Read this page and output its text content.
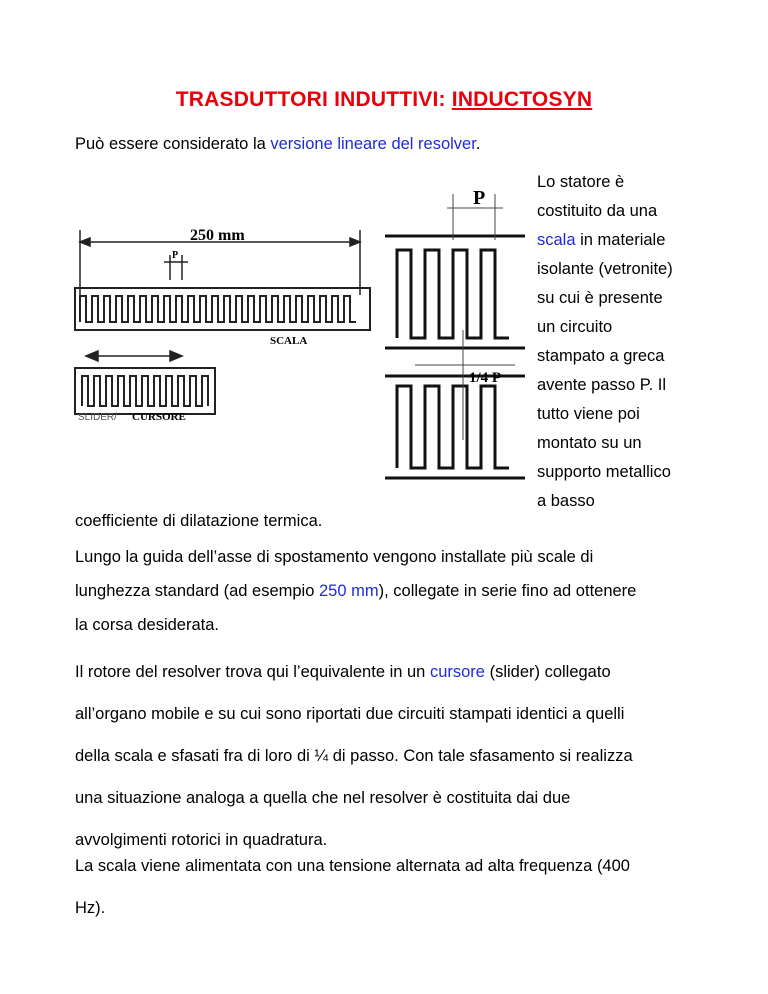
TRASDUTTORI INDUTTIVI: INDUCTOSYN
Può essere considerato la versione lineare del resolver.
Lo statore è
costituito da una
scala in materiale
isolante (vetronite)
su cui è presente
un circuito
stampato a greca
avente passo P. Il
tutto viene poi
montato su un
supporto metallico
a basso
250 mm
P
SCALA
SLIDER/ CURSORE
P
1/4 P
coefficiente di dilatazione termica.
Lungo la guida dell’asse di spostamento vengono installate più scale di
lunghezza standard (ad esempio 250 mm), collegate in serie fino ad ottenere
la corsa desiderata.
Il rotore del resolver trova qui l’equivalente in un cursore (slider) collegato
all’organo mobile e su cui sono riportati due circuiti stampati identici a quelli
della scala e sfasati fra di loro di ¼ di passo. Con tale sfasamento si realizza
una situazione analoga a quella che nel resolver è costituita dai due
avvolgimenti rotorici in quadratura.
La scala viene alimentata con una tensione alternata ad alta frequenza (400
Hz).
